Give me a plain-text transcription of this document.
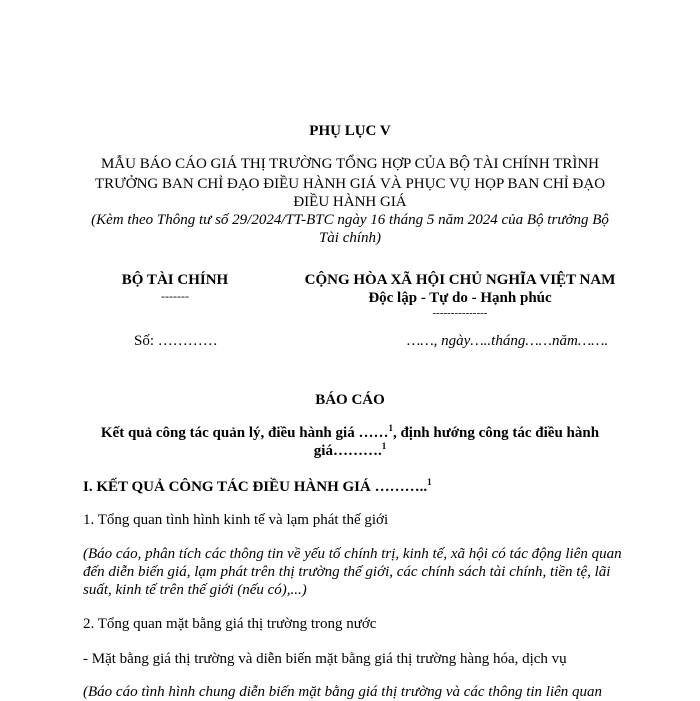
PHỤ LỤC V

MẪU BÁO CÁO GIÁ THỊ TRƯỜNG TỔNG HỢP CỦA BỘ TÀI CHÍNH TRÌNH

TRƯỞNG BAN CHỈ ĐẠO ĐIỀU HÀNH GIÁ VÀ PHỤC VỤ HỌP BAN CHỈ ĐẠO

ĐIỀU HÀNH GIÁ

(Kèm theo Thông tư số 29/2024/TT-BTC ngày 16 tháng 5 năm 2024 của Bộ trưởng Bộ

Tài chính)

BỘ TÀI CHÍNH

-------

CỘNG HÒA XÃ HỘI CHỦ NGHĨA VIỆT NAM

Độc lập - Tự do - Hạnh phúc

---------------

Số: …………	……, ngày…..tháng……năm…….

BÁO CÁO

Kết quả công tác quản lý, điều hành giá ……$^1$, định hướng công tác điều hành

giá……….$^1$

I. KẾT QUẢ CÔNG TÁC ĐIỀU HÀNH GIÁ ………..$^1$

1. Tổng quan tình hình kinh tế và lạm phát thế giới

(Báo cáo, phân tích các thông tin về yếu tố chính trị, kinh tế, xã hội có tác động liên quan

đến diễn biến giá, lạm phát trên thị trường thế giới, các chính sách tài chính, tiền tệ, lãi

suất, kinh tế trên thế giới (nếu có),...)

2. Tổng quan mặt bằng giá thị trường trong nước

- Mặt bằng giá thị trường và diễn biến mặt bằng giá thị trường hàng hóa, dịch vụ

(Báo cáo tình hình chung diễn biến mặt bằng giá thị trường và các thông tin liên quan
